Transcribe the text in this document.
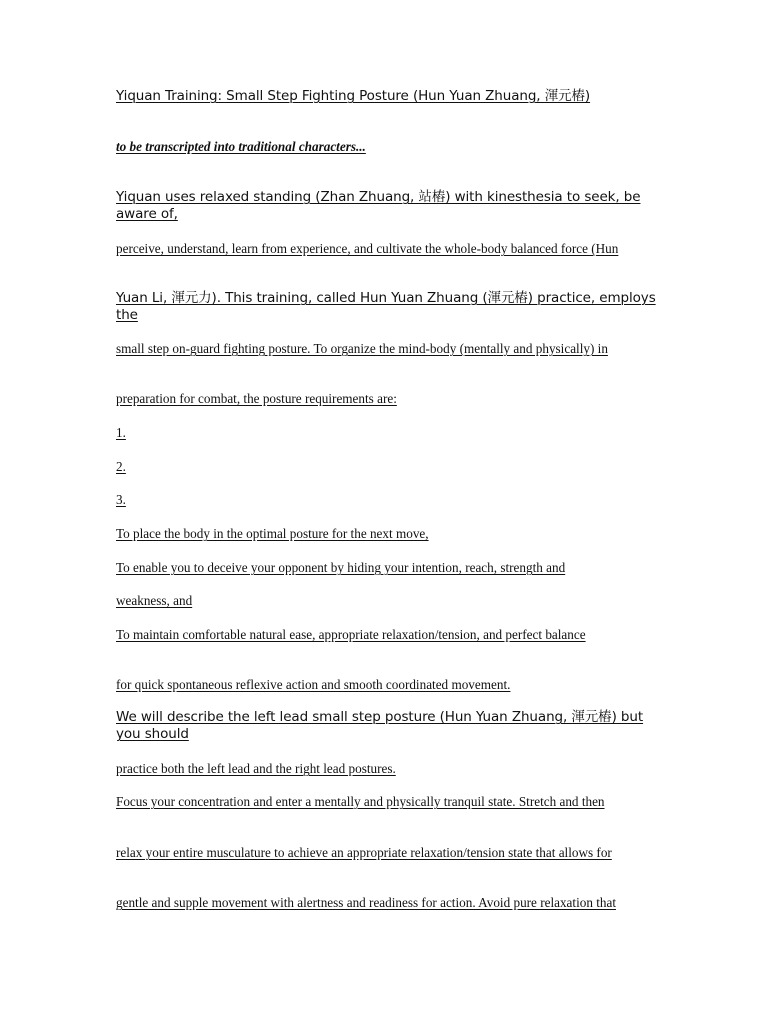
Yiquan Training: Small Step Fighting Posture (Hun Yuan Zhuang, 渾元樁)
to be transcripted into traditional characters...
Yiquan uses relaxed standing (Zhan Zhuang, 站樁) with kinesthesia to seek, be aware of,
perceive, understand, learn from experience, and cultivate the whole-body balanced force (Hun
Yuan Li, 渾元力). This training, called Hun Yuan Zhuang (渾元樁) practice, employs the
small step on-guard fighting posture. To organize the mind-body (mentally and physically) in
preparation for combat, the posture requirements are:
1.
2.
3.
To place the body in the optimal posture for the next move,
To enable you to deceive your opponent by hiding your intention, reach, strength and
weakness, and
To maintain comfortable natural ease, appropriate relaxation/tension, and perfect balance
for quick spontaneous reflexive action and smooth coordinated movement.
We will describe the left lead small step posture (Hun Yuan Zhuang, 渾元樁) but you should
practice both the left lead and the right lead postures.
Focus your concentration and enter a mentally and physically tranquil state. Stretch and then
relax your entire musculature to achieve an appropriate relaxation/tension state that allows for
gentle and supple movement with alertness and readiness for action. Avoid pure relaxation that
